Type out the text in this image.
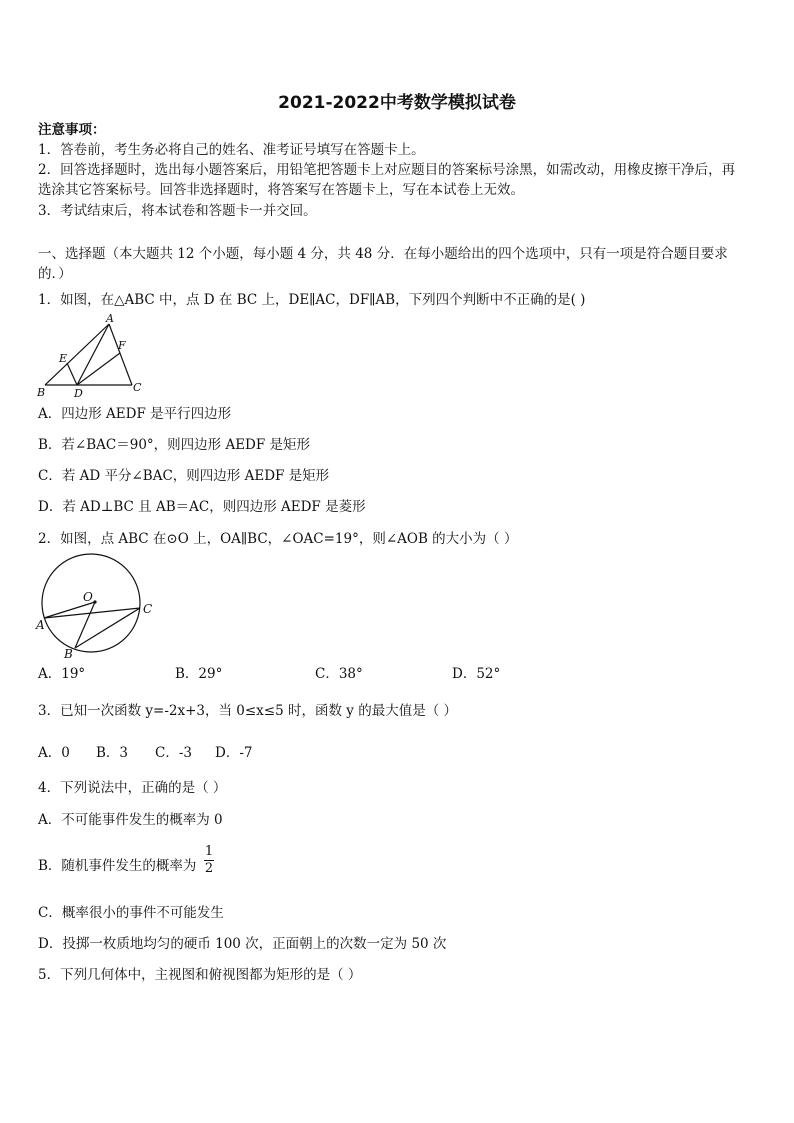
2021-2022中考数学模拟试卷
注意事项：
1．答卷前，考生务必将自己的姓名、准考证号填写在答题卡上。
2．回答选择题时，选出每小题答案后，用铅笔把答题卡上对应题目的答案标号涂黑，如需改动，用橡皮擦干净后，再
选涂其它答案标号。回答非选择题时，将答案写在答题卡上，写在本试卷上无效。
3．考试结束后，将本试卷和答题卡一并交回。
一、选择题（本大题共 12 个小题，每小题 4 分，共 48 分．在每小题给出的四个选项中，只有一项是符合题目要求
的．）
1．如图，在△ABC 中，点 D 在 BC 上，DE∥AC，DF∥AB，下列四个判断中不正确的是( )
A
B	C
D
E
F
A．四边形 AEDF 是平行四边形
B．若∠BAC＝90°，则四边形 AEDF 是矩形
C．若 AD 平分∠BAC，则四边形 AEDF 是矩形
D．若 AD⊥BC 且 AB＝AC，则四边形 AEDF 是菱形
2．如图，点 ABC 在⊙O 上，OA∥BC，∠OAC=19°，则∠AOB 的大小为（ ）
O
A
B
C
A．19°	B．29°	C．38°	D．52°
3．已知一次函数 y=-2x+3，当 0≤x≤5 时，函数 y 的最大值是（ ）
A．0 B．3 C．-3 D．-7
4．下列说法中，正确的是（ ）
A．不可能事件发生的概率为 0
B．随机事件发生的概率为
1
2
C．概率很小的事件不可能发生
D．投掷一枚质地均匀的硬币 100 次，正面朝上的次数一定为 50 次
5．下列几何体中，主视图和俯视图都为矩形的是（ ）
